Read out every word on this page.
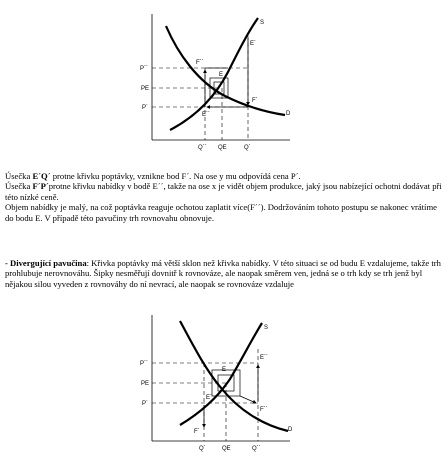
S
D
E
E´
E´´
F´
F´´
P´´
PE
P´
Q´´ QE	Q´

Úsečka E´Q´ protne křivku poptávky, vznikne bod F´. Na ose y mu odpovídá cena P´.
Úsečka F´P´protne křivku nabídky v bodě E´´, takže na ose x je vidět objem produkce, jaký jsou nabízející ochotni dodávat při této nízké ceně.
Objem nabídky je malý, na což poptávka reaguje ochotou zaplatit více(F´´). Dodržováním tohoto postupu se nakonec vrátíme do bodu E. V případě této pavučiny trh rovnovahu obnovuje.

- Divergující pavučina: Křivka poptávky má větší sklon než křivka nabídky. V této situaci se od budu E vzdalujeme, takže trh prohlubuje nerovnováhu. Šipky nesměřují dovnitř k rovnováze, ale naopak směrem ven, jedná se o trh kdy se trh jenž byl nějakou silou vyveden z rovnováhy do ní nevrací, ale naopak se rovnováze vzdaluje

S
D
E
E´
E´´
F´
F´´
P´´
PE
P´
Q´	QE	Q´´
